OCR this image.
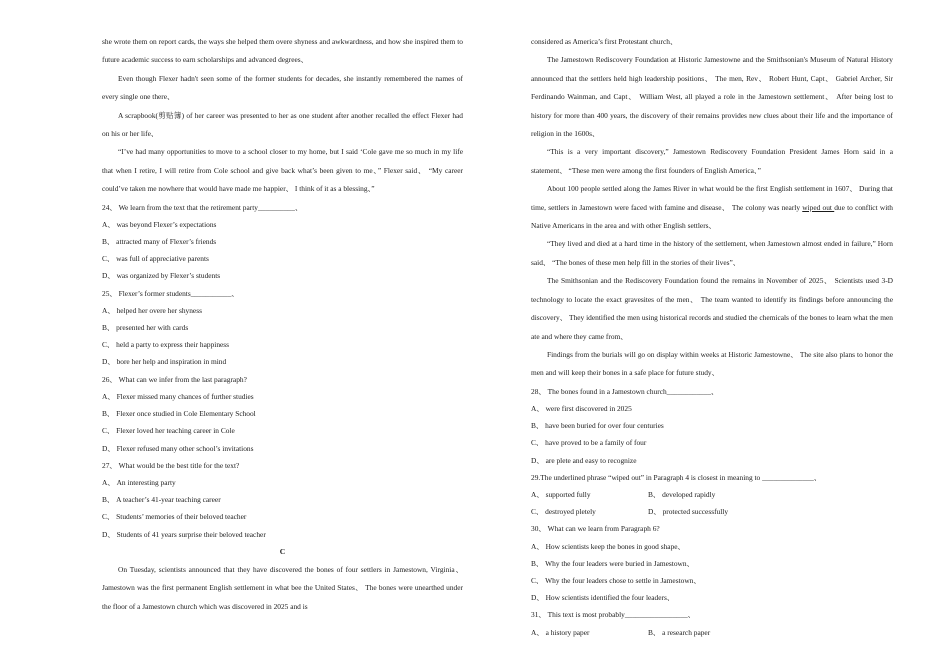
she wrote them on report cards, the ways she helped them overe shyness and awkwardness, and how she inspired them to future academic success to earn scholarships and advanced degrees、

Even though Flexer hadn't seen some of the former students for decades, she instantly remembered the names of every single one there、

A scrapbook(剪贴簿) of her career was presented to her as one student after another recalled the effect Flexer had on his or her life、

“I’ve had many opportunities to move to a school closer to my home, but I said ‘Cole gave me so much in my life that when I retire, I will retire from Cole school and give back what’s been given to me、” Flexer said、 “My career could’ve taken me nowhere that would have made me happier、 I think of it as a blessing、”

24、 We learn from the text that the retirement party__________、

A、 was beyond Flexer’s expectations

B、 attracted many of Flexer’s friends

C、 was full of appreciative parents

D、 was organized by Flexer’s students

25、 Flexer’s former students___________、

A、 helped her overe her shyness

B、 presented her with cards

C、 held a party to express their happiness

D、 bore her help and inspiration in mind

26、 What can we infer from the last paragraph?

A、 Flexer missed many chances of further studies

B、 Flexer once studied in Cole Elementary School

C、 Flexer loved her teaching career in Cole

D、 Flexer refused many other school’s invitations

27、 What would be the best title for the text?

A、 An interesting party

B、 A teacher’s 41-year teaching career

C、 Students’ memories of their beloved teacher

D、 Students of 41 years surprise their beloved teacher

C

On Tuesday, scientists announced that they have discovered the bones of four settlers in Jamestown, Virginia、 Jamestown was the first permanent English settlement in what bee the United States、 The bones were unearthed under the floor of a Jamestown church which was discovered in 2025 and is

considered as America’s first Protestant church、

The Jamestown Rediscovery Foundation at Historic Jamestowne and the Smithsonian's Museum of Natural History announced that the settlers held high leadership positions、 The men, Rev、 Robert Hunt, Capt、 Gabriel Archer, Sir Ferdinando Wainman, and Capt、 William West, all played a role in the Jamestown settlement、 After being lost to history for more than 400 years, the discovery of their remains provides new clues about their life and the importance of religion in the 1600s、

“This is a very important discovery,” Jamestown Rediscovery Foundation President James Horn said in a statement、 “These men were among the first founders of English America、”

About 100 people settled along the James River in what would be the first English settlement in 1607、 During that time, settlers in Jamestown were faced with famine and disease、 The colony was nearly wiped out due to conflict with Native Americans in the area and with other English settlers、

“They lived and died at a hard time in the history of the settlement, when Jamestown almost ended in failure,” Horn said、 “The bones of these men help fill in the stories of their lives”、

The Smithsonian and the Rediscovery Foundation found the remains in November of 2025、 Scientists used 3-D technology to locate the exact gravesites of the men、 The team wanted to identify its findings before announcing the discovery、 They identified the men using historical records and studied the chemicals of the bones to learn what the men ate and where they came from、

Findings from the burials will go on display within weeks at Historic Jamestowne、 The site also plans to honor the men and will keep their bones in a safe place for future study、

28、 The bones found in a Jamestown church____________、

A、 were first discovered in 2025

B、 have been buried for over four centuries

C、 have proved to be a family of four

D、 are plete and easy to recognize

29.The underlined phrase “wiped out” in Paragraph 4 is closest in meaning to ______________、

A、 supported fully	B、 developed rapidly
C、 destroyed pletely	D、 protected successfully

30、 What can we learn from Paragraph 6?

A、 How scientists keep the bones in good shape、

B、 Why the four leaders were buried in Jamestown、

C、 Why the four leaders chose to settle in Jamestown、

D、 How scientists identified the four leaders、

31、 This text is most probably_________________、

A、 a history paper	B、 a research paper
